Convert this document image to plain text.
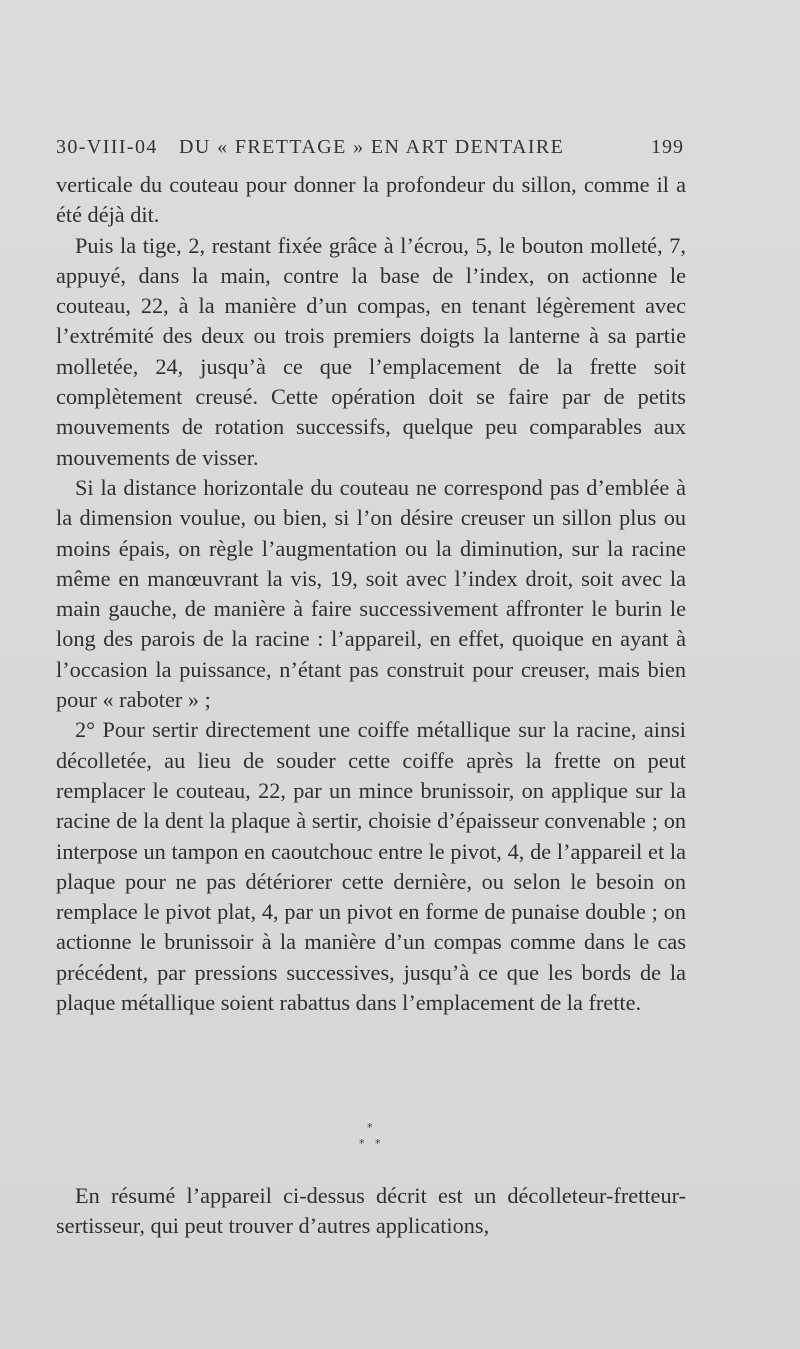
30-VIII-04 DU « FRETTAGE » EN ART DENTAIRE	199

verticale du couteau pour donner la profondeur du sillon, comme il a été déjà dit.

Puis la tige, 2, restant fixée grâce à l’écrou, 5, le bouton molleté, 7, appuyé, dans la main, contre la base de l’index, on actionne le couteau, 22, à la manière d’un compas, en tenant légèrement avec l’extrémité des deux ou trois premiers doigts la lanterne à sa partie molletée, 24, jusqu’à ce que l’emplacement de la frette soit complètement creusé. Cette opération doit se faire par de petits mouvements de rotation successifs, quelque peu comparables aux mouvements de visser.

Si la distance horizontale du couteau ne correspond pas d’emblée à la dimension voulue, ou bien, si l’on désire creuser un sillon plus ou moins épais, on règle l’augmentation ou la diminution, sur la racine même en manœuvrant la vis, 19, soit avec l’index droit, soit avec la main gauche, de manière à faire successivement affronter le burin le long des parois de la racine : l’appareil, en effet, quoique en ayant à l’occasion la puissance, n’étant pas construit pour creuser, mais bien pour « raboter » ;

2° Pour sertir directement une coiffe métallique sur la racine, ainsi décolletée, au lieu de souder cette coiffe après la frette on peut remplacer le couteau, 22, par un mince brunissoir, on applique sur la racine de la dent la plaque à sertir, choisie d’épaisseur convenable ; on interpose un tampon en caoutchouc entre le pivot, 4, de l’appareil et la plaque pour ne pas détériorer cette dernière, ou selon le besoin on remplace le pivot plat, 4, par un pivot en forme de punaise double ; on actionne le brunissoir à la manière d’un compas comme dans le cas précédent, par pressions successives, jusqu’à ce que les bords de la plaque métallique soient rabattus dans l’emplacement de la frette.

*
* *

En résumé l’appareil ci-dessus décrit est un décolleteur-fretteur-sertisseur, qui peut trouver d’autres applications,
